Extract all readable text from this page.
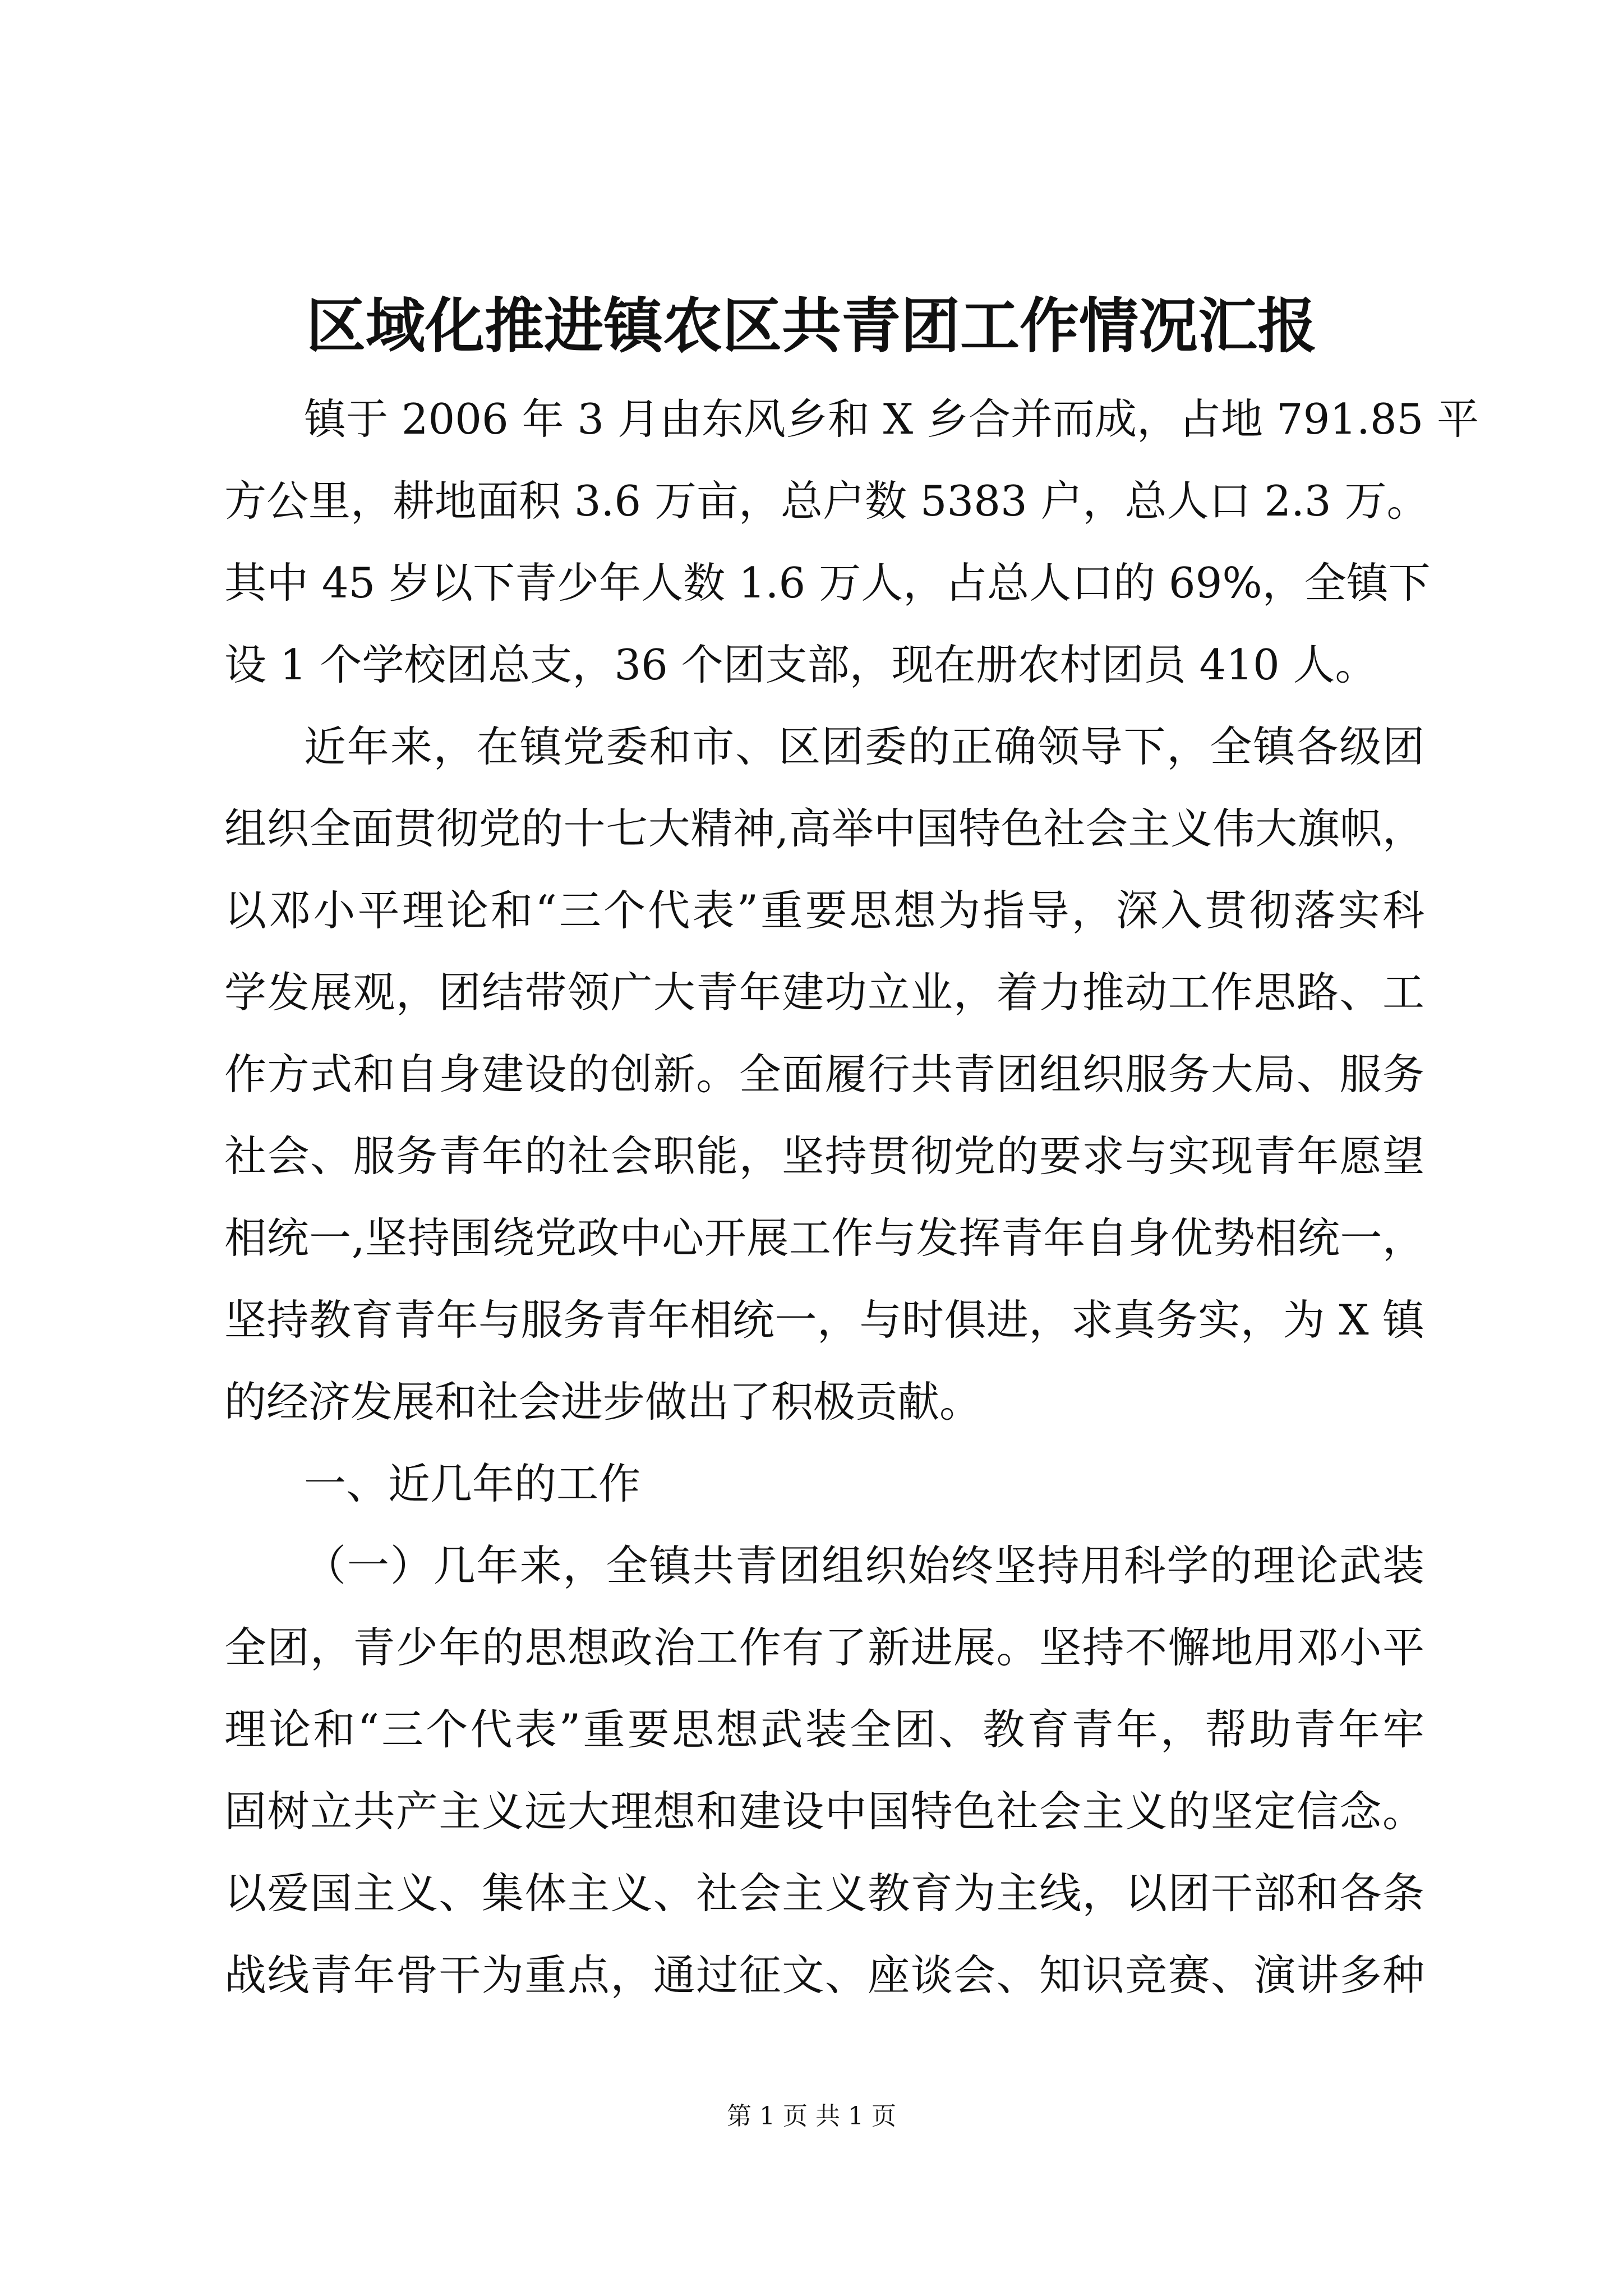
区域化推进镇农区共青团工作情况汇报
镇于 2006 年 3 月由东风乡和 X 乡合并而成，占地 791.85 平
方公里，耕地面积 3.6 万亩，总户数 5383 户，总人口 2.3 万。
其中 45 岁以下青少年人数 1.6 万人，占总人口的 69%，全镇下
设 1 个学校团总支，36 个团支部，现在册农村团员 410 人。
近年来，在镇党委和市、区团委的正确领导下，全镇各级团
组织全面贯彻党的十七大精神,高举中国特色社会主义伟大旗帜，
以邓小平理论和“三个代表”重要思想为指导，深入贯彻落实科
学发展观，团结带领广大青年建功立业，着力推动工作思路、工
作方式和自身建设的创新。全面履行共青团组织服务大局、服务
社会、服务青年的社会职能，坚持贯彻党的要求与实现青年愿望
相统一,坚持围绕党政中心开展工作与发挥青年自身优势相统一，
坚持教育青年与服务青年相统一，与时俱进，求真务实，为 X 镇
的经济发展和社会进步做出了积极贡献。
一、近几年的工作
（一）几年来，全镇共青团组织始终坚持用科学的理论武装
全团，青少年的思想政治工作有了新进展。坚持不懈地用邓小平
理论和“三个代表”重要思想武装全团、教育青年，帮助青年牢
固树立共产主义远大理想和建设中国特色社会主义的坚定信念。
以爱国主义、集体主义、社会主义教育为主线，以团干部和各条
战线青年骨干为重点，通过征文、座谈会、知识竞赛、演讲多种
第 1 页 共 1 页
